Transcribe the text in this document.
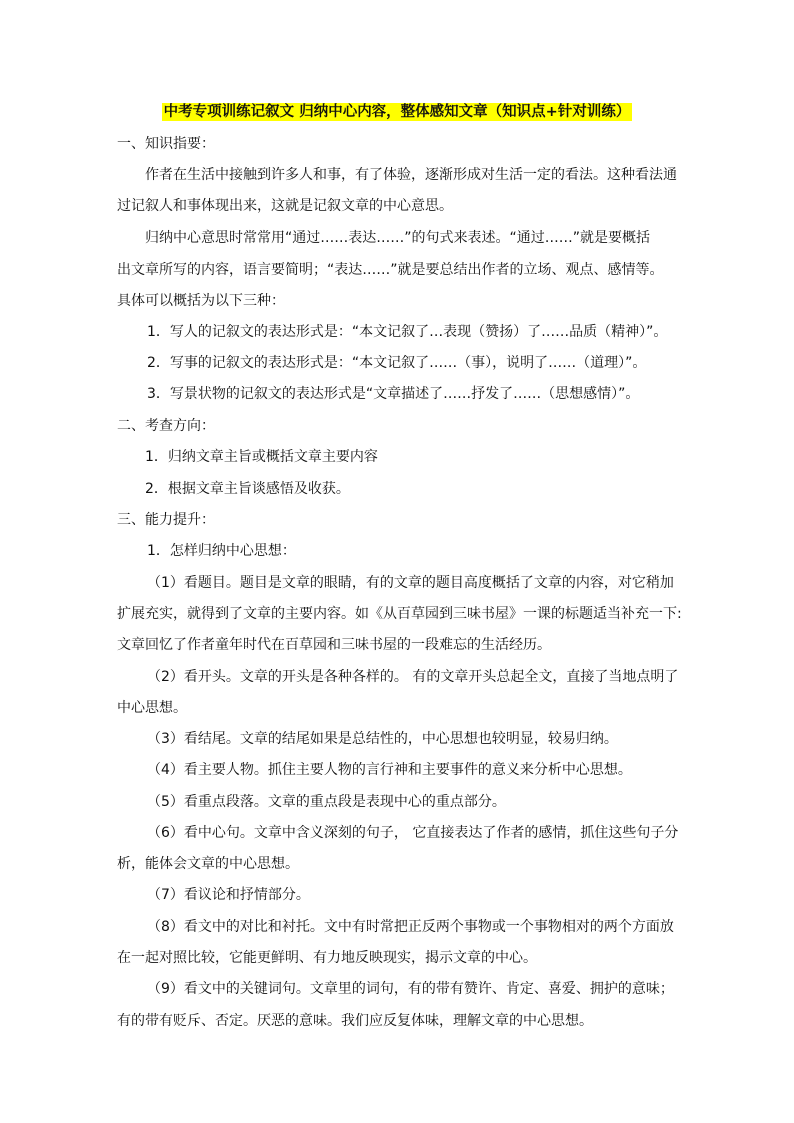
中考专项训练记叙文 归纳中心内容，整体感知文章（知识点+针对训练）
一、知识指要：
作者在生活中接触到许多人和事，有了体验，逐渐形成对生活一定的看法。这种看法通
过记叙人和事体现出来，这就是记叙文章的中心意思。
归纳中心意思时常常用“通过……表达……”的句式来表述。“通过……”就是要概括
出文章所写的内容，语言要简明；“表达……”就是要总结出作者的立场、观点、感情等。
具体可以概括为以下三种：
1．写人的记叙文的表达形式是：“本文记叙了…表现（赞扬）了……品质（精神）”。
2．写事的记叙文的表达形式是：“本文记叙了……（事），说明了……（道理）”。
3．写景状物的记叙文的表达形式是“文章描述了……抒发了……（思想感情）”。
二、考查方向：
1．归纳文章主旨或概括文章主要内容
2．根据文章主旨谈感悟及收获。
三、能力提升：
1．怎样归纳中心思想：
（1）看题目。题目是文章的眼睛，有的文章的题目高度概括了文章的内容，对它稍加
扩展充实，就得到了文章的主要内容。如《从百草园到三味书屋》一课的标题适当补充一下:
文章回忆了作者童年时代在百草园和三味书屋的一段难忘的生活经历。
（2）看开头。文章的开头是各种各样的。 有的文章开头总起全文，直接了当地点明了
中心思想。
（3）看结尾。文章的结尾如果是总结性的，中心思想也较明显，较易归纳。
（4）看主要人物。抓住主要人物的言行神和主要事件的意义来分析中心思想。
（5）看重点段落。文章的重点段是表现中心的重点部分。
（6）看中心句。文章中含义深刻的句子， 它直接表达了作者的感情，抓住这些句子分
析，能体会文章的中心思想。
（7）看议论和抒情部分。
（8）看文中的对比和衬托。文中有时常把正反两个事物或一个事物相对的两个方面放
在一起对照比较，它能更鲜明、有力地反映现实，揭示文章的中心。
（9）看文中的关键词句。文章里的词句，有的带有赞许、肯定、喜爱、拥护的意味；
有的带有贬斥、否定。厌恶的意味。我们应反复体味，理解文章的中心思想。
